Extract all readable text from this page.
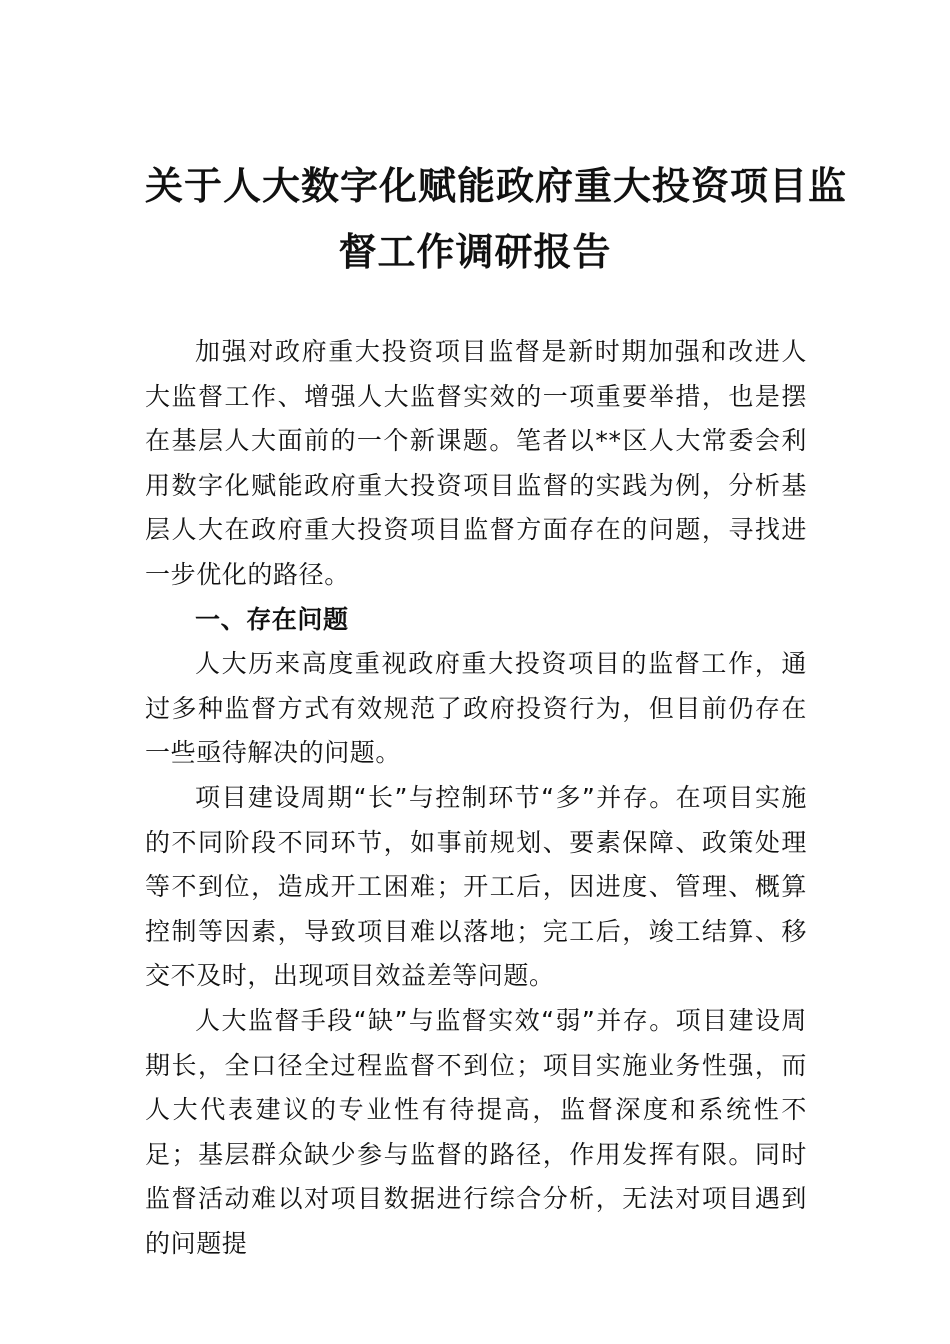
关于人大数字化赋能政府重大投资项目监
督工作调研报告

加强对政府重大投资项目监督是新时期加强和改进人大监督工作、增强人大监督实效的一项重要举措，也是摆在基层人大面前的一个新课题。笔者以**区人大常委会利用数字化赋能政府重大投资项目监督的实践为例，分析基层人大在政府重大投资项目监督方面存在的问题，寻找进一步优化的路径。

一、存在问题

人大历来高度重视政府重大投资项目的监督工作，通过多种监督方式有效规范了政府投资行为，但目前仍存在一些亟待解决的问题。

项目建设周期“长”与控制环节“多”并存。在项目实施的不同阶段不同环节，如事前规划、要素保障、政策处理等不到位，造成开工困难；开工后，因进度、管理、概算控制等因素，导致项目难以落地；完工后，竣工结算、移交不及时，出现项目效益差等问题。

人大监督手段“缺”与监督实效“弱”并存。项目建设周期长，全口径全过程监督不到位；项目实施业务性强，而人大代表建议的专业性有待提高，监督深度和系统性不足；基层群众缺少参与监督的路径，作用发挥有限。同时监督活动难以对项目数据进行综合分析，无法对项目遇到的问题提
